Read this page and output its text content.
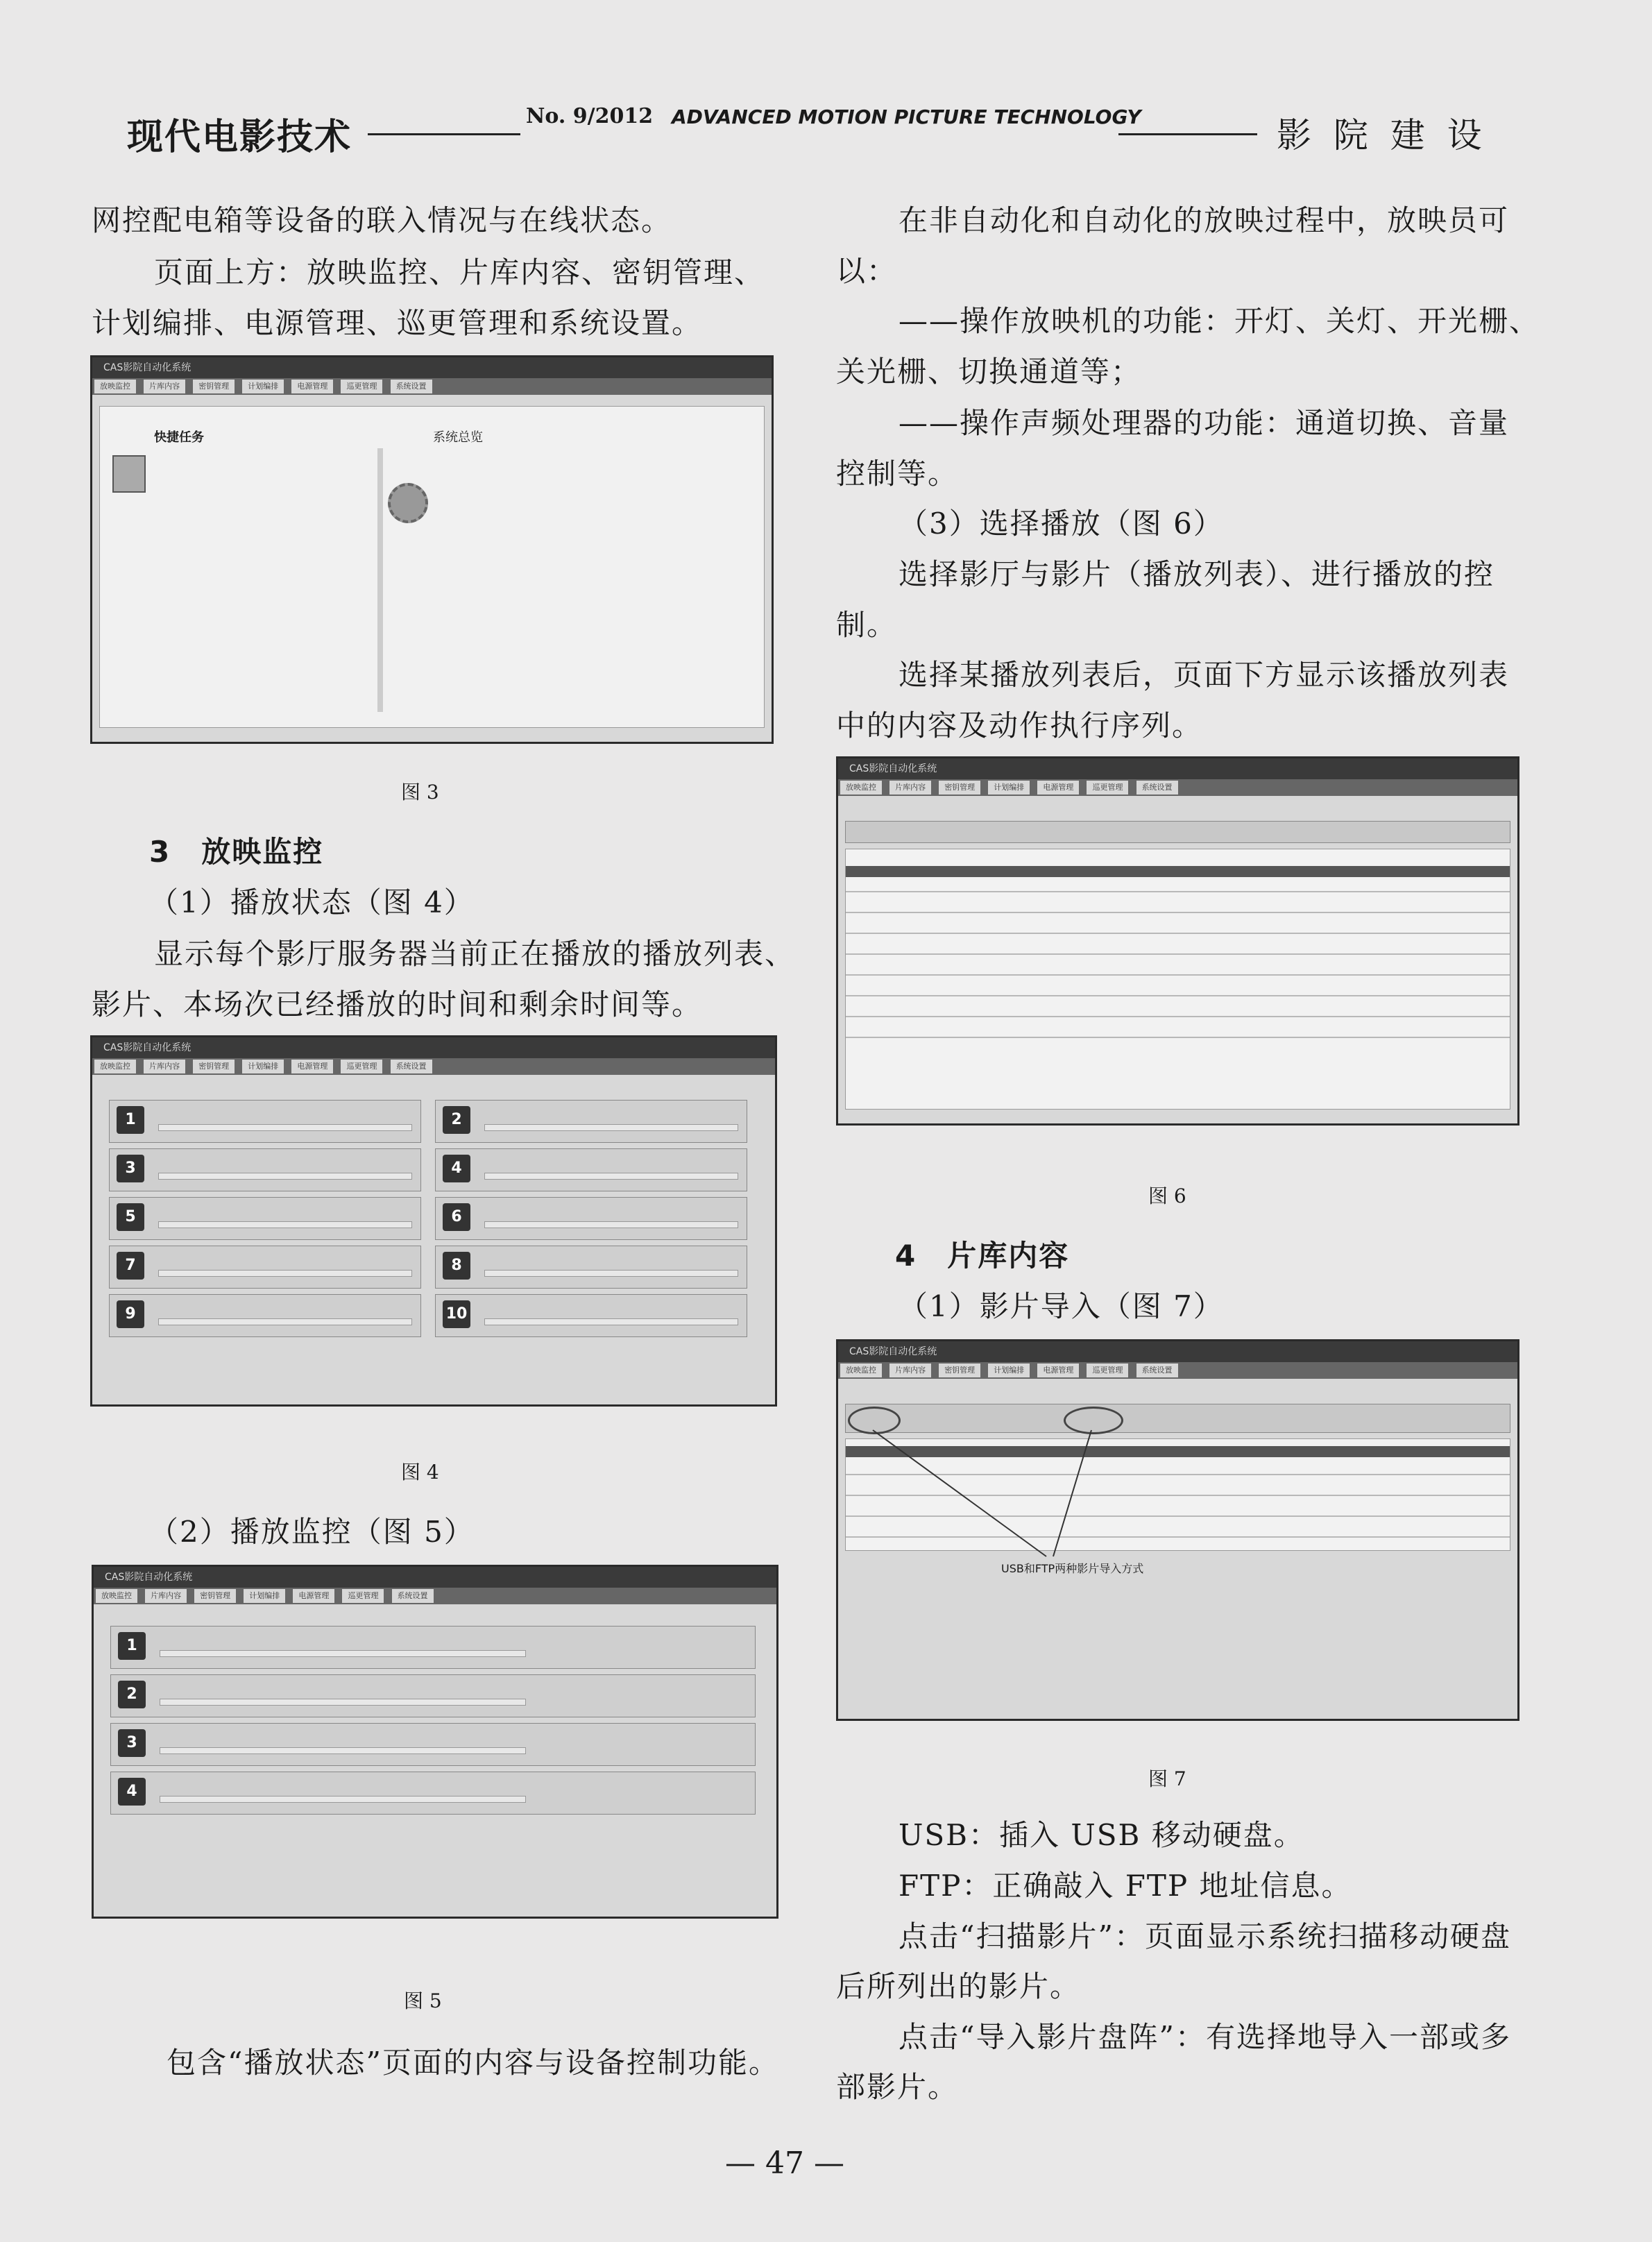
现代电影技术
No. 9/2012 ADVANCED MOTION PICTURE TECHNOLOGY	影 院 建 设
网控配电箱等设备的联入情况与在线状态。
页面上方：放映监控、片库内容、密钥管理、
计划编排、电源管理、巡更管理和系统设置。
CAS影院自动化系统
放映监控 片库内容 密钥管理 计划编排 电源管理 巡更管理 系统设置
快捷任务	系统总览
图 3
3　放映监控
（1）播放状态（图 4）
显示每个影厅服务器当前正在播放的播放列表、
影片、本场次已经播放的时间和剩余时间等。
CAS影院自动化系统
放映监控 片库内容 密钥管理 计划编排 电源管理 巡更管理 系统设置
1	2
3	4
5	6
7	8
9	10
图 4
（2）播放监控（图 5）
CAS影院自动化系统
放映监控 片库内容 密钥管理 计划编排 电源管理 巡更管理 系统设置
1
2
3
4
图 5
包含“播放状态”页面的内容与设备控制功能。
在非自动化和自动化的放映过程中，放映员可
以：
——操作放映机的功能：开灯、关灯、开光栅、
关光栅、切换通道等；
——操作声频处理器的功能：通道切换、音量
控制等。
（3）选择播放（图 6）
选择影厅与影片（播放列表）、进行播放的控
制。
选择某播放列表后，页面下方显示该播放列表
中的内容及动作执行序列。
CAS影院自动化系统
放映监控 片库内容 密钥管理 计划编排 电源管理 巡更管理 系统设置
图 6
4　片库内容
（1）影片导入（图 7）
CAS影院自动化系统
放映监控 片库内容 密钥管理 计划编排 电源管理 巡更管理 系统设置
USB和FTP两种影片导入方式
图 7
USB：插入 USB 移动硬盘。
FTP：正确敲入 FTP 地址信息。
点击“扫描影片”：页面显示系统扫描移动硬盘
后所列出的影片。
点击“导入影片盘阵”：有选择地导入一部或多
部影片。
— 47 —
